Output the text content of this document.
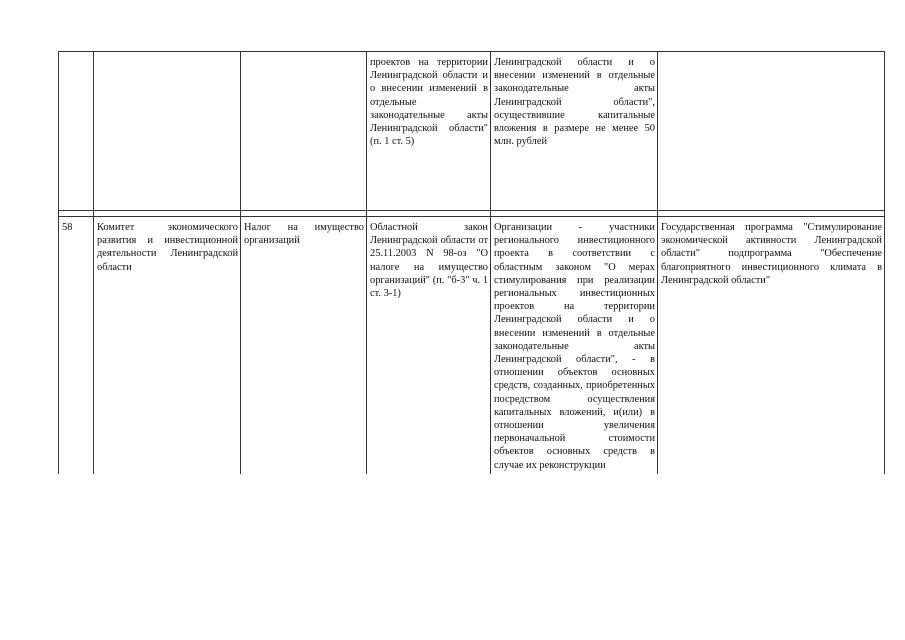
			проектов на территории Ленинградской области и о внесении изменений в отдельные законодательные акты Ленинградской области" (п. 1 ст. 5)	Ленинградской области и о внесении изменений в отдельные законодательные акты Ленинградской области", осуществившие капитальные вложения в размере не менее 50 млн. рублей	

58	Комитет экономического развития и инвестиционной деятельности Ленинградской области	Налог на имущество организаций	Областной закон Ленинградской области от 25.11.2003 N 98-оз "О налоге на имущество организаций" (п. "б-3" ч. 1 ст. 3-1)	Организации - участники регионального инвестиционного проекта в соответствии с областным законом "О мерах стимулирования при реализации региональных инвестиционных проектов на территории Ленинградской области и о внесении изменений в отдельные законодательные акты Ленинградской области", - в отношении объектов основных средств, созданных, приобретенных посредством осуществления капитальных вложений, и(или) в отношении увеличения первоначальной стоимости объектов основных средств в случае их реконструкции	Государственная программа "Стимулирование экономической активности Ленинградской области" подпрограмма "Обеспечение благоприятного инвестиционного климата в Ленинградской области"
